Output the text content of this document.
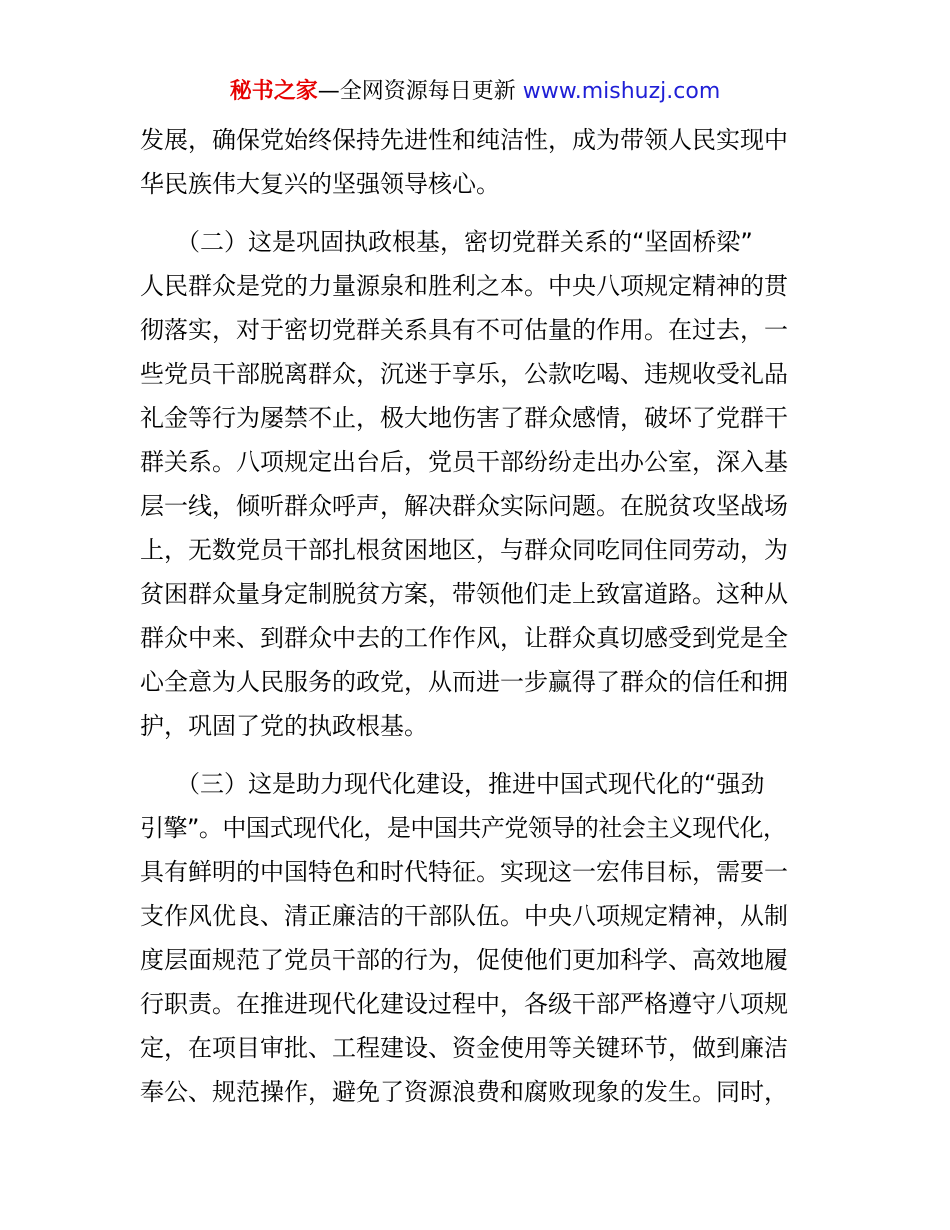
秘书之家—全网资源每日更新 www.mishuzj.com
发展，确保党始终保持先进性和纯洁性，成为带领人民实现中
华民族伟大复兴的坚强领导核心。
　　（二）这是巩固执政根基，密切党群关系的“坚固桥梁”
人民群众是党的力量源泉和胜利之本。中央八项规定精神的贯
彻落实，对于密切党群关系具有不可估量的作用。在过去，一
些党员干部脱离群众，沉迷于享乐，公款吃喝、违规收受礼品
礼金等行为屡禁不止，极大地伤害了群众感情，破坏了党群干
群关系。八项规定出台后，党员干部纷纷走出办公室，深入基
层一线，倾听群众呼声，解决群众实际问题。在脱贫攻坚战场
上，无数党员干部扎根贫困地区，与群众同吃同住同劳动，为
贫困群众量身定制脱贫方案，带领他们走上致富道路。这种从
群众中来、到群众中去的工作作风，让群众真切感受到党是全
心全意为人民服务的政党，从而进一步赢得了群众的信任和拥
护，巩固了党的执政根基。
　　（三）这是助力现代化建设，推进中国式现代化的“强劲
引擎”。中国式现代化，是中国共产党领导的社会主义现代化，
具有鲜明的中国特色和时代特征。实现这一宏伟目标，需要一
支作风优良、清正廉洁的干部队伍。中央八项规定精神，从制
度层面规范了党员干部的行为，促使他们更加科学、高效地履
行职责。在推进现代化建设过程中，各级干部严格遵守八项规
定，在项目审批、工程建设、资金使用等关键环节，做到廉洁
奉公、规范操作，避免了资源浪费和腐败现象的发生。同时，
